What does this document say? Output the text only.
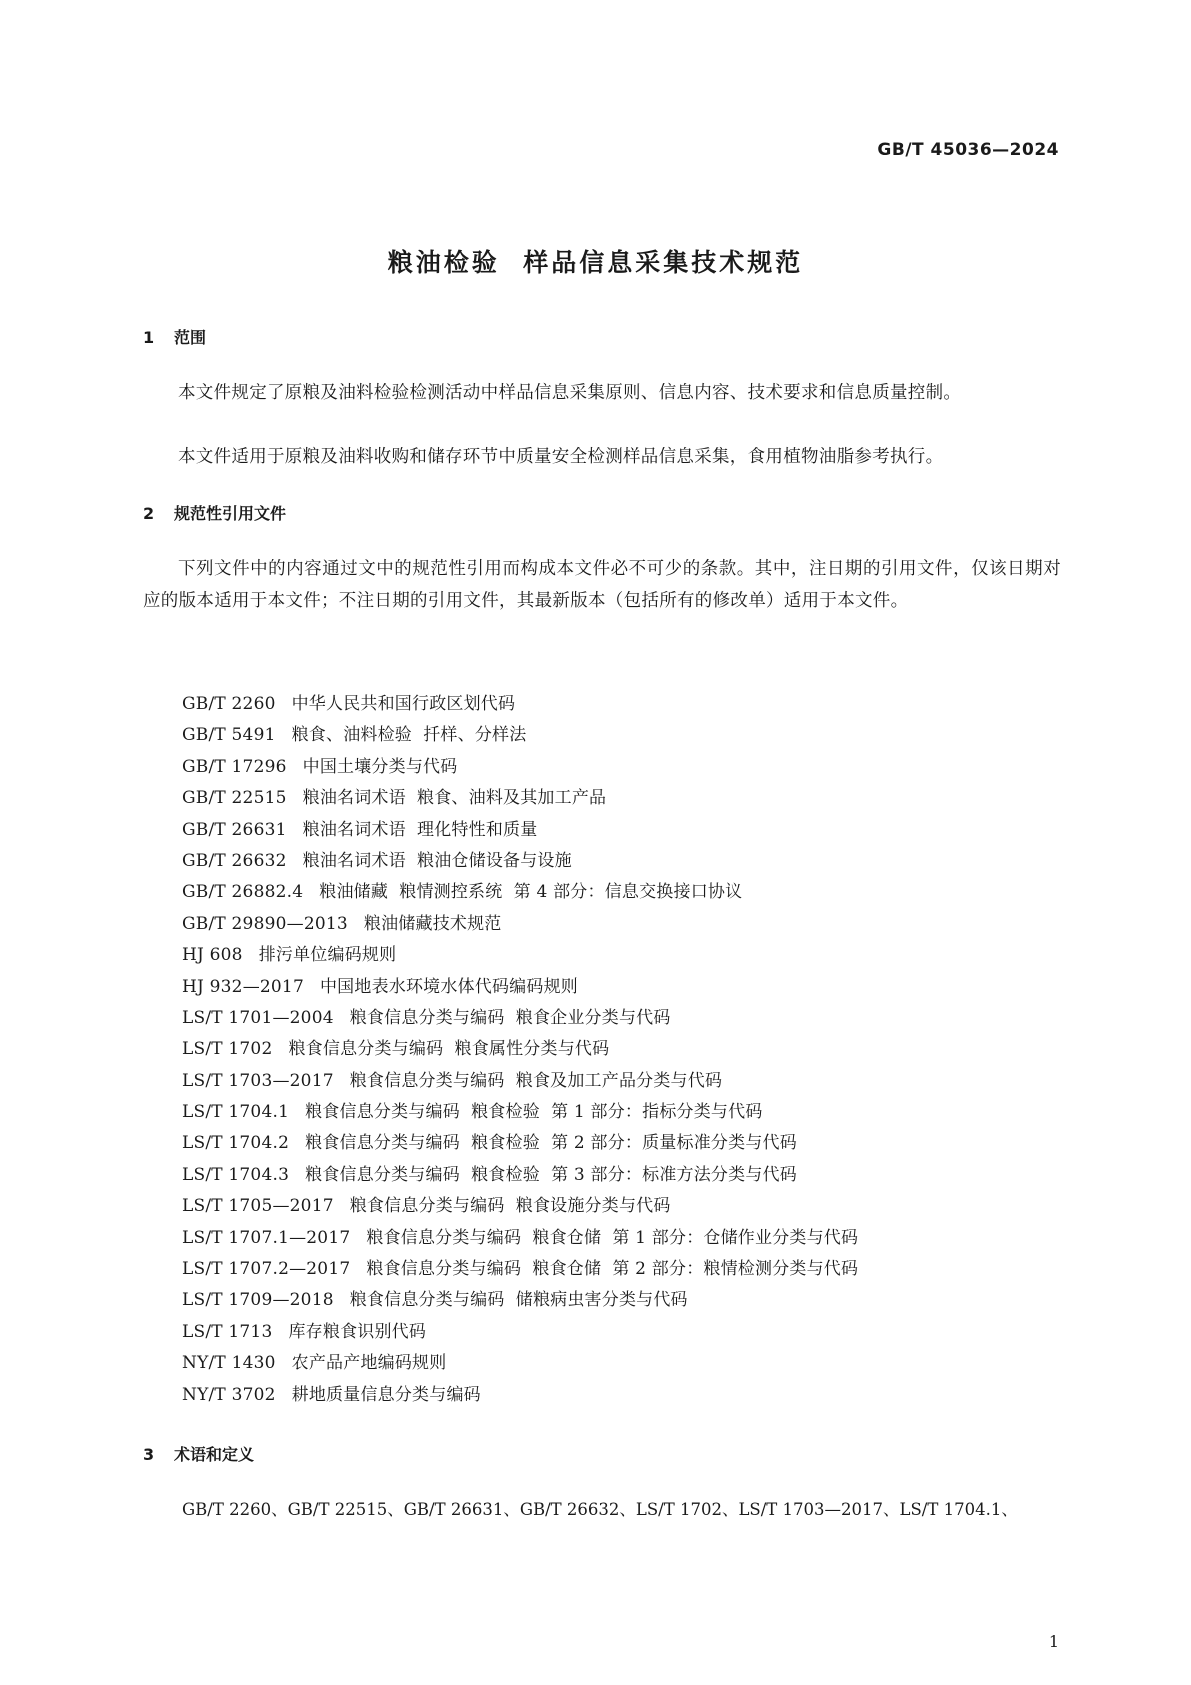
GB/T 45036—2024
粮油检验  样品信息采集技术规范
1 范围
本文件规定了原粮及油料检验检测活动中样品信息采集原则、信息内容、技术要求和信息质量控制。
本文件适用于原粮及油料收购和储存环节中质量安全检测样品信息采集，食用植物油脂参考执行。
2 规范性引用文件
下列文件中的内容通过文中的规范性引用而构成本文件必不可少的条款。其中，注日期的引用文件，仅该日期对应的版本适用于本文件；不注日期的引用文件，其最新版本（包括所有的修改单）适用于本文件。
GB/T 2260 中华人民共和国行政区划代码
GB/T 5491 粮食、油料检验  扦样、分样法
GB/T 17296 中国土壤分类与代码
GB/T 22515 粮油名词术语  粮食、油料及其加工产品
GB/T 26631 粮油名词术语  理化特性和质量
GB/T 26632 粮油名词术语  粮油仓储设备与设施
GB/T 26882.4 粮油储藏  粮情测控系统  第 4 部分：信息交换接口协议
GB/T 29890—2013 粮油储藏技术规范
HJ 608 排污单位编码规则
HJ 932—2017 中国地表水环境水体代码编码规则
LS/T 1701—2004 粮食信息分类与编码  粮食企业分类与代码
LS/T 1702 粮食信息分类与编码  粮食属性分类与代码
LS/T 1703—2017 粮食信息分类与编码  粮食及加工产品分类与代码
LS/T 1704.1 粮食信息分类与编码  粮食检验  第 1 部分：指标分类与代码
LS/T 1704.2 粮食信息分类与编码  粮食检验  第 2 部分：质量标准分类与代码
LS/T 1704.3 粮食信息分类与编码  粮食检验  第 3 部分：标准方法分类与代码
LS/T 1705—2017 粮食信息分类与编码  粮食设施分类与代码
LS/T 1707.1—2017 粮食信息分类与编码  粮食仓储  第 1 部分：仓储作业分类与代码
LS/T 1707.2—2017 粮食信息分类与编码  粮食仓储  第 2 部分：粮情检测分类与代码
LS/T 1709—2018 粮食信息分类与编码  储粮病虫害分类与代码
LS/T 1713 库存粮食识别代码
NY/T 1430 农产品产地编码规则
NY/T 3702 耕地质量信息分类与编码
3 术语和定义
GB/T 2260、GB/T 22515、GB/T 26631、GB/T 26632、LS/T 1702、LS/T 1703—2017、LS/T 1704.1、
1
